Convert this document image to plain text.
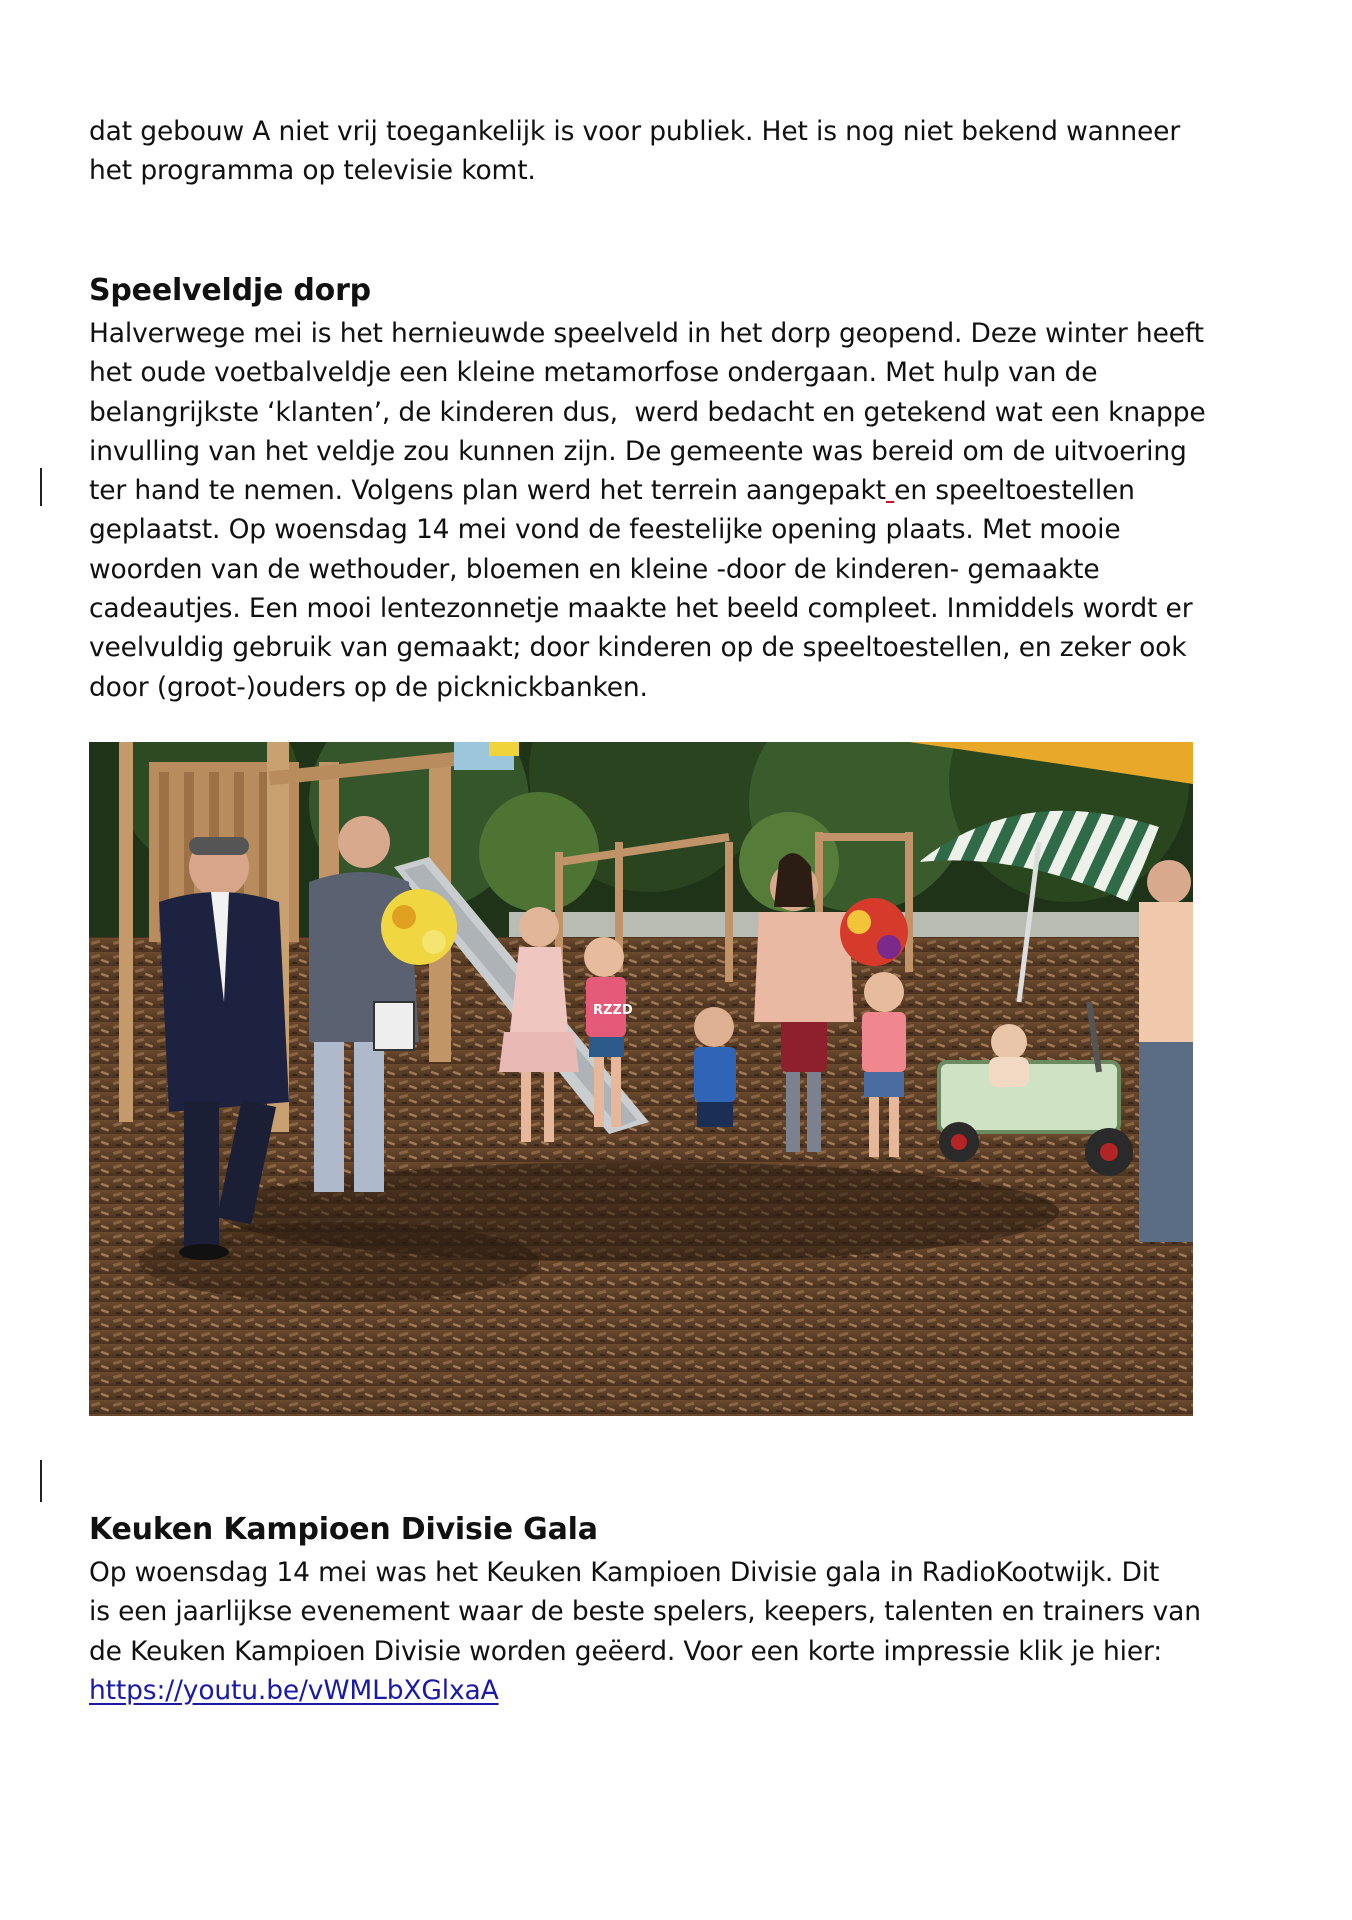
dat gebouw A niet vrij toegankelijk is voor publiek. Het is nog niet bekend wanneer
het programma op televisie komt.
Speelveldje dorp
Halverwege mei is het hernieuwde speelveld in het dorp geopend. Deze winter heeft
het oude voetbalveldje een kleine metamorfose ondergaan. Met hulp van de
belangrijkste ‘klanten’, de kinderen dus,  werd bedacht en getekend wat een knappe
invulling van het veldje zou kunnen zijn. De gemeente was bereid om de uitvoering
ter hand te nemen. Volgens plan werd het terrein aangepakt en speeltoestellen
geplaatst. Op woensdag 14 mei vond de feestelijke opening plaats. Met mooie
woorden van de wethouder, bloemen en kleine -door de kinderen- gemaakte
cadeautjes. Een mooi lentezonnetje maakte het beeld compleet. Inmiddels wordt er
veelvuldig gebruik van gemaakt; door kinderen op de speeltoestellen, en zeker ook
door (groot-)ouders op de picknickbanken.
RZZD
Keuken Kampioen Divisie Gala
Op woensdag 14 mei was het Keuken Kampioen Divisie gala in RadioKootwijk. Dit
is een jaarlijkse evenement waar de beste spelers, keepers, talenten en trainers van
de Keuken Kampioen Divisie worden geëerd. Voor een korte impressie klik je hier:
https://youtu.be/vWMLbXGlxaA
